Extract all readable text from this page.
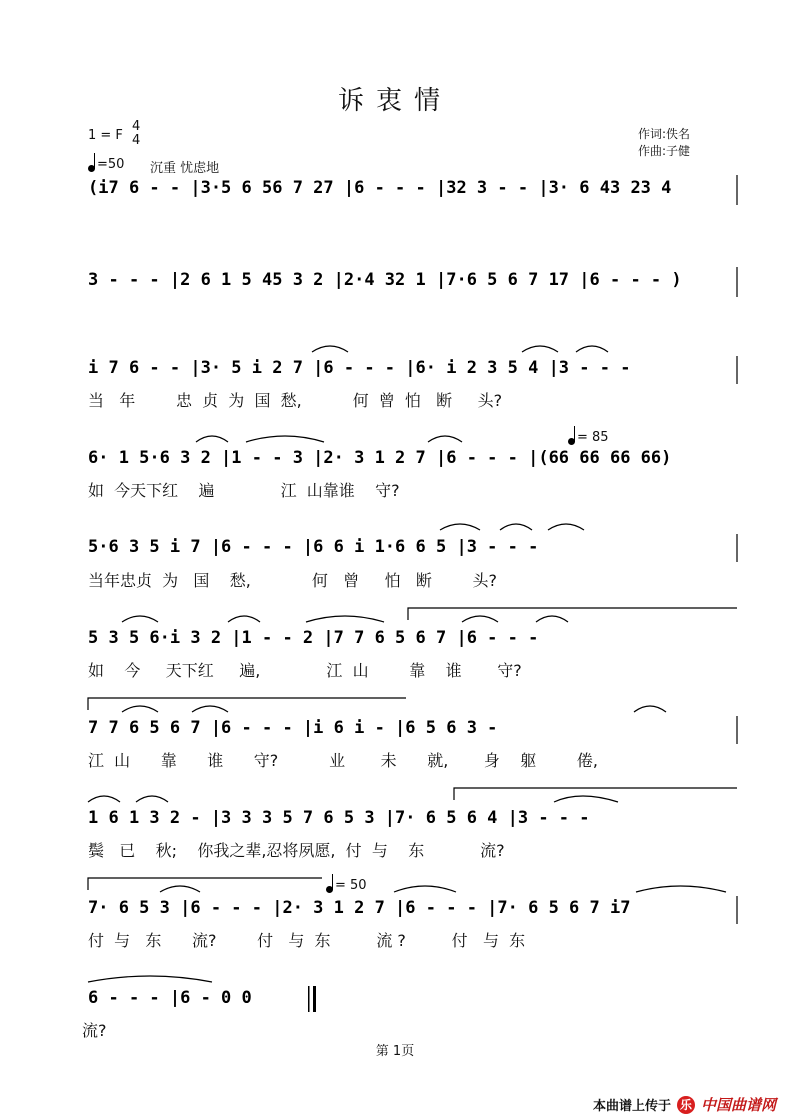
诉衷情
1 = F
4
4
=50 沉重 忧虑地
作词:佚名
作曲:子健
(i7 6 - - |3·5 6 56 7 27 |6 - - - |32 3 - - |3· 6 43 23 4
3 - - - |2 6 1 5 45 3 2 |2·4 32 1 |7·6 5 6 7 17 |6 - - - )
i 7 6 - - |3· 5 i 2 7 |6 - - - |6· i 2 3 5 4 |3 - - -
当   年        忠  贞  为  国  愁,          何  曾  怕   断     头?
6· 1 5·6 3 2 |1 - - 3 |2· 3 1 2 7 |6 - - - |(66 66 66 66)
如  今天下红    遍             江  山靠谁    守?
= 85
5·6 3 5 i 7 |6 - - - |6 6 i 1·6 6 5 |3 - - -
当年忠贞  为   国    愁,            何   曾     怕   断        头?
5 3 5 6·i 3 2 |1 - - 2 |7 7 6 5 6 7 |6 - - -
如    今     天下红     遍,             江  山        靠    谁       守?
7 7 6 5 6 7 |6 - - - |i 6 i - |6 5 6 3 -
江  山      靠      谁      守?          业       未      就,       身    躯        倦,
1 6 1 3 2 - |3 3 3 5 7 6 5 3 |7· 6 5 6 4 |3 - - -
鬓   已    秋;    你我之辈,忍将夙愿,  付  与    东           流?
7· 6 5 3 |6 - - - |2· 3 1 2 7 |6 - - - |7· 6 5 6 7 i7
付  与   东      流?        付   与  东         流 ?         付   与  东
= 50
6 - - - |6 - 0 0
流?
第 1页
本曲谱上传于 乐 中国曲谱网
